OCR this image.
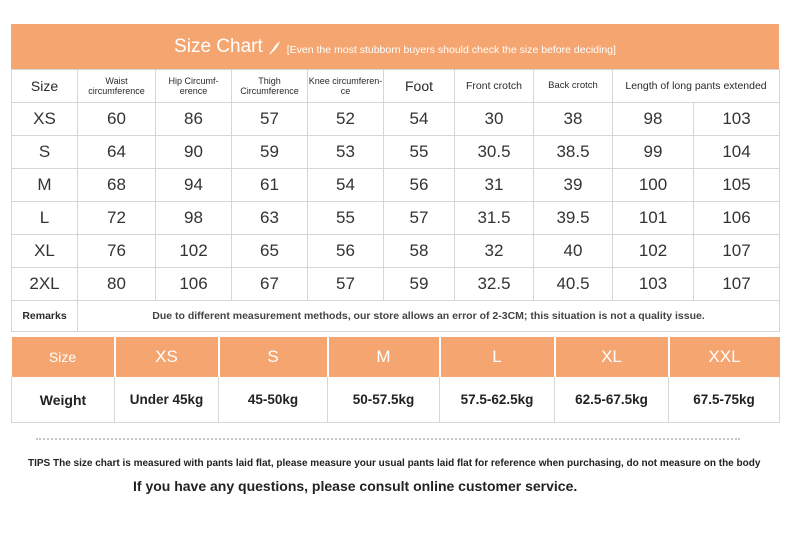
Size Chart [Even the most stubborn buyers should check the size before deciding]
Size	Waist circumference	Hip Circumf-erence	Thigh Circumference	Knee circumferen-ce	Foot	Front crotch	Back crotch	Length of long pants extended	
XS	60	86	57	52	54	30	38	98	103
S	64	90	59	53	55	30.5	38.5	99	104
M	68	94	61	54	56	31	39	100	105
L	72	98	63	55	57	31.5	39.5	101	106
XL	76	102	65	56	58	32	40	102	107
2XL	80	106	67	57	59	32.5	40.5	103	107
Remarks	Due to different measurement methods, our store allows an error of 2-3CM; this situation is not a quality issue.								
Size	XS	S	M	L	XL	XXL
Weight	Under 45kg	45-50kg	50-57.5kg	57.5-62.5kg	62.5-67.5kg	67.5-75kg
TIPS The size chart is measured with pants laid flat, please measure your usual pants laid flat for reference when purchasing, do not measure on the body
If you have any questions, please consult online customer service.
